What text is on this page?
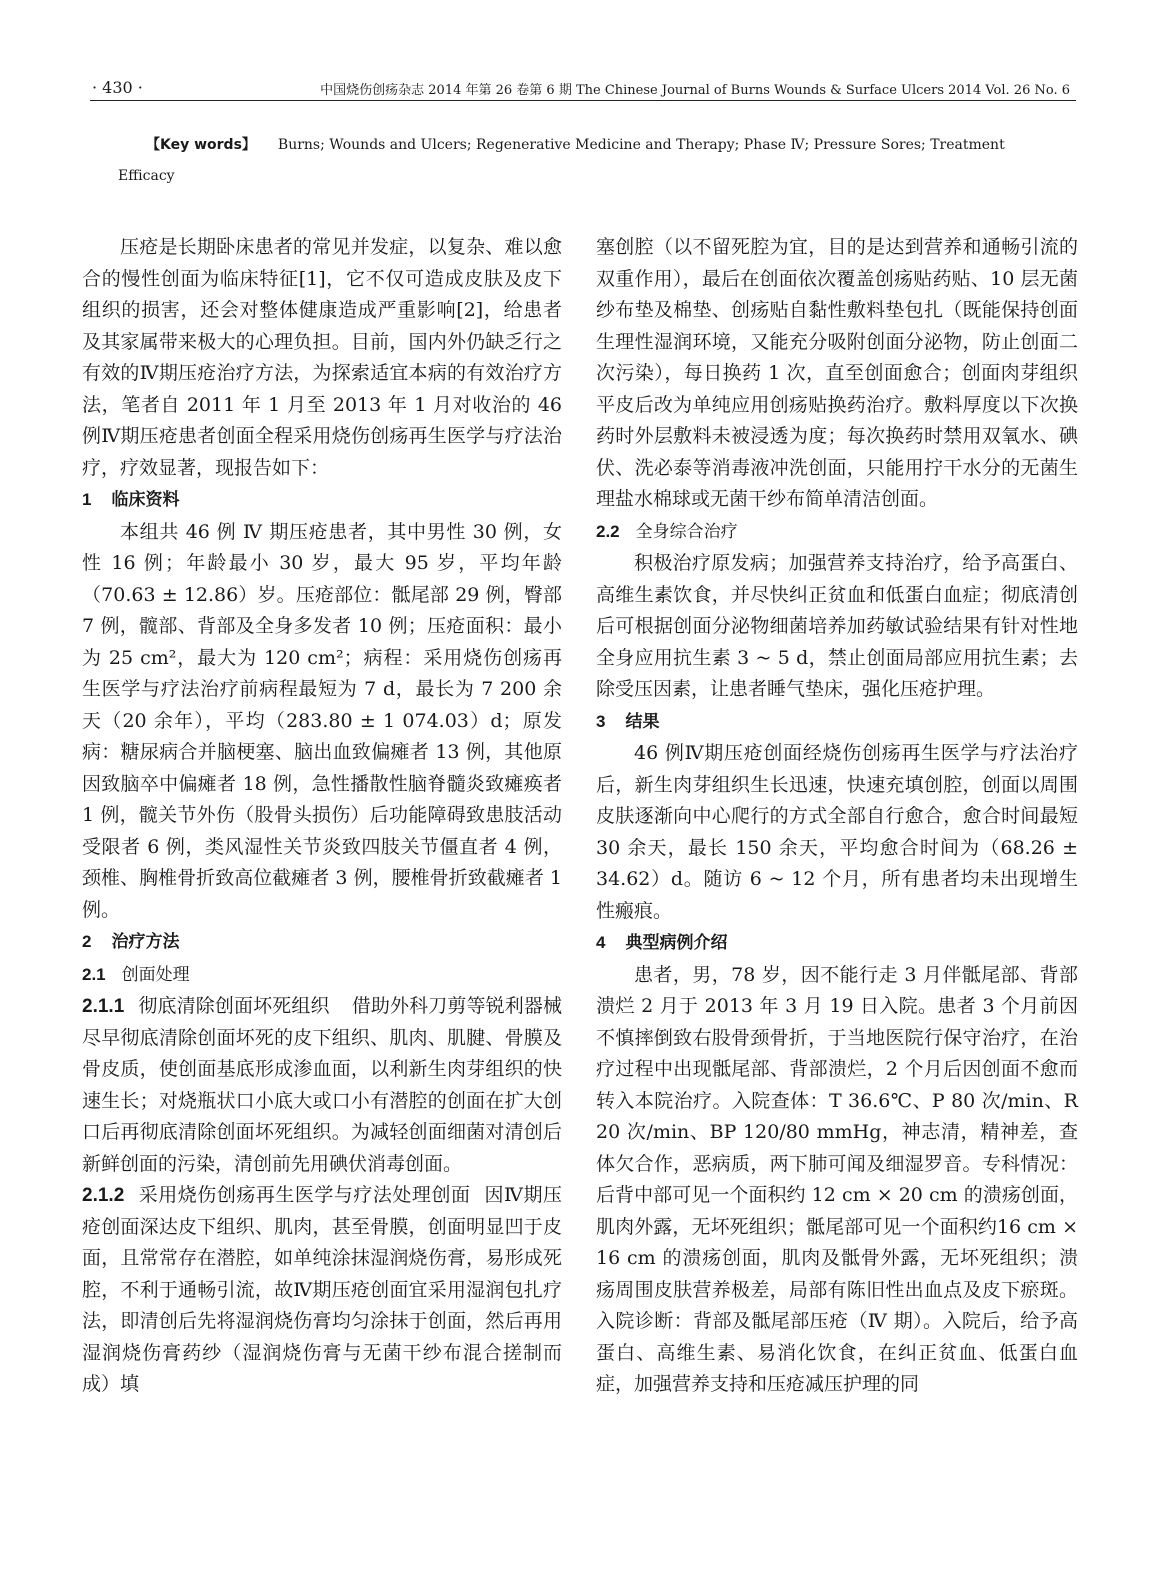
· 430 ·	中国烧伤创疡杂志 2014 年第 26 卷第 6 期 The Chinese Journal of Burns Wounds & Surface Ulcers 2014 Vol. 26 No. 6
【Key words】 Burns; Wounds and Ulcers; Regenerative Medicine and Therapy; Phase Ⅳ; Pressure Sores; Treatment Efficacy

压疮是长期卧床患者的常见并发症，以复杂、难以愈合的慢性创面为临床特征[1]，它不仅可造成皮肤及皮下组织的损害，还会对整体健康造成严重影响[2]，给患者及其家属带来极大的心理负担。目前，国内外仍缺乏行之有效的Ⅳ期压疮治疗方法，为探索适宜本病的有效治疗方法，笔者自 2011 年 1 月至 2013 年 1 月对收治的 46 例Ⅳ期压疮患者创面全程采用烧伤创疡再生医学与疗法治疗，疗效显著，现报告如下：

1 临床资料

本组共 46 例 Ⅳ 期压疮患者，其中男性 30 例，女性 16 例；年龄最小 30 岁，最大 95 岁，平均年龄（70.63 ± 12.86）岁。压疮部位：骶尾部 29 例，臀部 7 例，髋部、背部及全身多发者 10 例；压疮面积：最小为 25 cm²，最大为 120 cm²；病程：采用烧伤创疡再生医学与疗法治疗前病程最短为 7 d，最长为 7 200 余天（20 余年），平均（283.80 ± 1 074.03）d；原发病：糖尿病合并脑梗塞、脑出血致偏瘫者 13 例，其他原因致脑卒中偏瘫者 18 例，急性播散性脑脊髓炎致瘫痪者 1 例，髋关节外伤（股骨头损伤）后功能障碍致患肢活动受限者 6 例，类风湿性关节炎致四肢关节僵直者 4 例，颈椎、胸椎骨折致高位截瘫者 3 例，腰椎骨折致截瘫者 1 例。

2 治疗方法
2.1 创面处理

2.1.1 彻底清除创面坏死组织 借助外科刀剪等锐利器械尽早彻底清除创面坏死的皮下组织、肌肉、肌腱、骨膜及骨皮质，使创面基底形成渗血面，以利新生肉芽组织的快速生长；对烧瓶状口小底大或口小有潜腔的创面在扩大创口后再彻底清除创面坏死组织。为减轻创面细菌对清创后新鲜创面的污染，清创前先用碘伏消毒创面。

2.1.2 采用烧伤创疡再生医学与疗法处理创面 因Ⅳ期压疮创面深达皮下组织、肌肉，甚至骨膜，创面明显凹于皮面，且常常存在潜腔，如单纯涂抹湿润烧伤膏，易形成死腔，不利于通畅引流，故Ⅳ期压疮创面宜采用湿润包扎疗法，即清创后先将湿润烧伤膏均匀涂抹于创面，然后再用湿润烧伤膏药纱（湿润烧伤膏与无菌干纱布混合搓制而成）填

塞创腔（以不留死腔为宜，目的是达到营养和通畅引流的双重作用），最后在创面依次覆盖创疡贴药贴、10 层无菌纱布垫及棉垫、创疡贴自黏性敷料垫包扎（既能保持创面生理性湿润环境，又能充分吸附创面分泌物，防止创面二次污染），每日换药 1 次，直至创面愈合；创面肉芽组织平皮后改为单纯应用创疡贴换药治疗。敷料厚度以下次换药时外层敷料未被浸透为度；每次换药时禁用双氧水、碘伏、洗必泰等消毒液冲洗创面，只能用拧干水分的无菌生理盐水棉球或无菌干纱布简单清洁创面。

2.2 全身综合治疗

积极治疗原发病；加强营养支持治疗，给予高蛋白、高维生素饮食，并尽快纠正贫血和低蛋白血症；彻底清创后可根据创面分泌物细菌培养加药敏试验结果有针对性地全身应用抗生素 3 ~ 5 d，禁止创面局部应用抗生素；去除受压因素，让患者睡气垫床，强化压疮护理。

3 结果

46 例Ⅳ期压疮创面经烧伤创疡再生医学与疗法治疗后，新生肉芽组织生长迅速，快速充填创腔，创面以周围皮肤逐渐向中心爬行的方式全部自行愈合，愈合时间最短 30 余天，最长 150 余天，平均愈合时间为（68.26 ± 34.62）d。随访 6 ~ 12 个月，所有患者均未出现增生性瘢痕。

4 典型病例介绍

患者，男，78 岁，因不能行走 3 月伴骶尾部、背部溃烂 2 月于 2013 年 3 月 19 日入院。患者 3 个月前因不慎摔倒致右股骨颈骨折，于当地医院行保守治疗，在治疗过程中出现骶尾部、背部溃烂，2 个月后因创面不愈而转入本院治疗。入院查体：T 36.6℃、P 80 次/min、R 20 次/min、BP 120/80 mmHg，神志清，精神差，查体欠合作，恶病质，两下肺可闻及细湿罗音。专科情况：后背中部可见一个面积约 12 cm × 20 cm 的溃疡创面，肌肉外露，无坏死组织；骶尾部可见一个面积约16 cm × 16 cm 的溃疡创面，肌肉及骶骨外露，无坏死组织；溃疡周围皮肤营养极差，局部有陈旧性出血点及皮下瘀斑。入院诊断：背部及骶尾部压疮（Ⅳ 期）。入院后，给予高蛋白、高维生素、易消化饮食，在纠正贫血、低蛋白血症，加强营养支持和压疮减压护理的同
